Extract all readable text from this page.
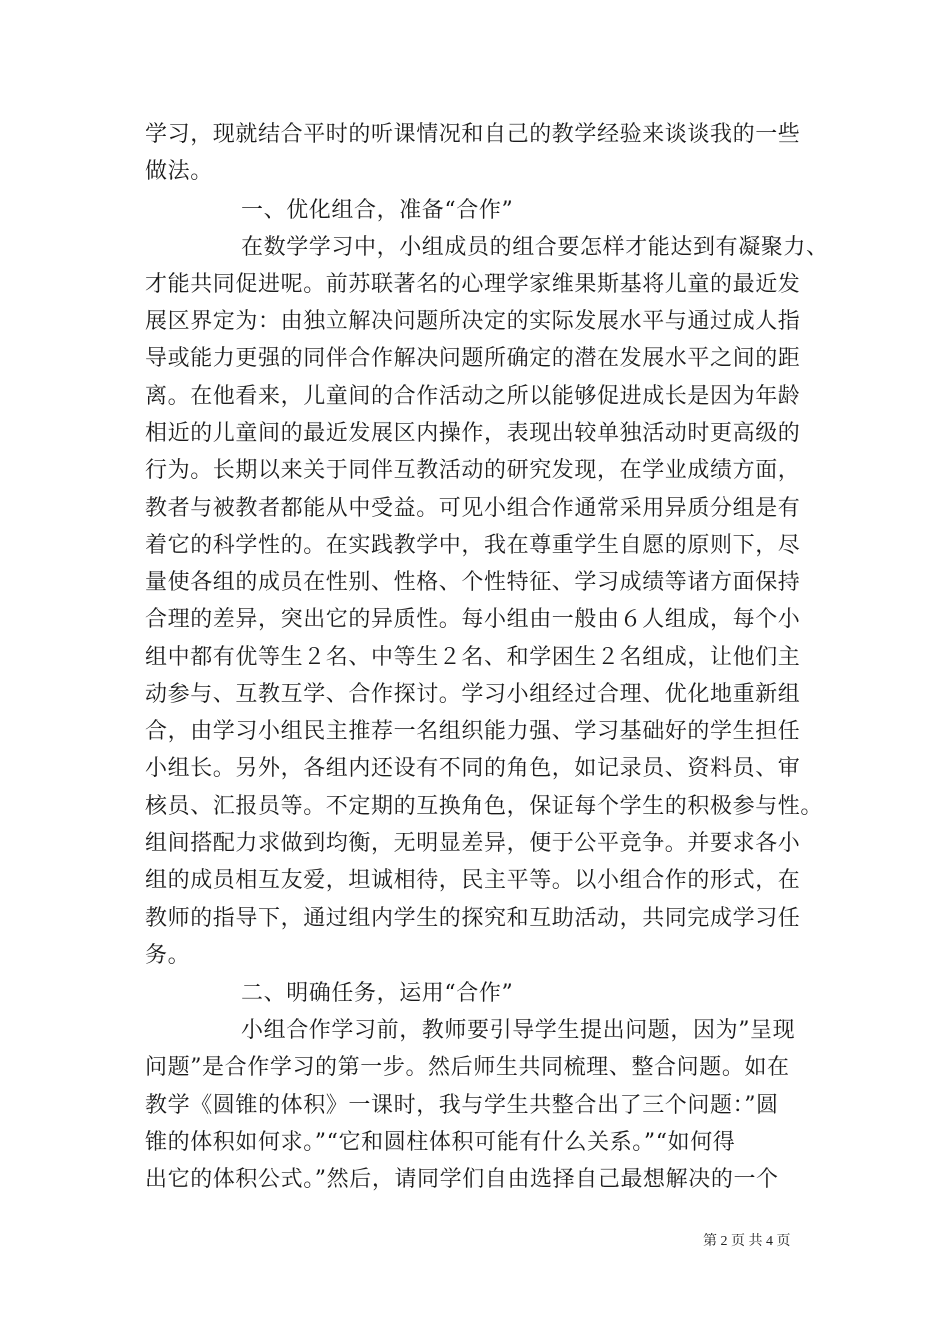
学习，现就结合平时的听课情况和自己的教学经验来谈谈我的一些
做法。
一、优化组合，准备“合作”
在数学学习中，小组成员的组合要怎样才能达到有凝聚力、
才能共同促进呢。前苏联著名的心理学家维果斯基将儿童的最近发
展区界定为：由独立解决问题所决定的实际发展水平与通过成人指
导或能力更强的同伴合作解决问题所确定的潜在发展水平之间的距
离。在他看来，儿童间的合作活动之所以能够促进成长是因为年龄
相近的儿童间的最近发展区内操作，表现出较单独活动时更高级的
行为。长期以来关于同伴互教活动的研究发现，在学业成绩方面，
教者与被教者都能从中受益。可见小组合作通常采用异质分组是有
着它的科学性的。在实践教学中，我在尊重学生自愿的原则下，尽
量使各组的成员在性别、性格、个性特征、学习成绩等诸方面保持
合理的差异，突出它的异质性。每小组由一般由６人组成，每个小
组中都有优等生２名、中等生２名、和学困生２名组成，让他们主
动参与、互教互学、合作探讨。学习小组经过合理、优化地重新组
合，由学习小组民主推荐一名组织能力强、学习基础好的学生担任
小组长。另外，各组内还设有不同的角色，如记录员、资料员、审
核员、汇报员等。不定期的互换角色，保证每个学生的积极参与性。
组间搭配力求做到均衡，无明显差异，便于公平竞争。并要求各小
组的成员相互友爱，坦诚相待，民主平等。以小组合作的形式，在
教师的指导下，通过组内学生的探究和互助活动，共同完成学习任
务。
二、明确任务，运用“合作”
小组合作学习前，教师要引导学生提出问题，因为”呈现
问题”是合作学习的第一步。然后师生共同梳理、整合问题。如在
教学《圆锥的体积》一课时，我与学生共整合出了三个问题：”圆
锥的体积如何求。”“它和圆柱体积可能有什么关系。”“如何得
出它的体积公式。”然后，请同学们自由选择自己最想解决的一个
第 2 页 共 4 页
